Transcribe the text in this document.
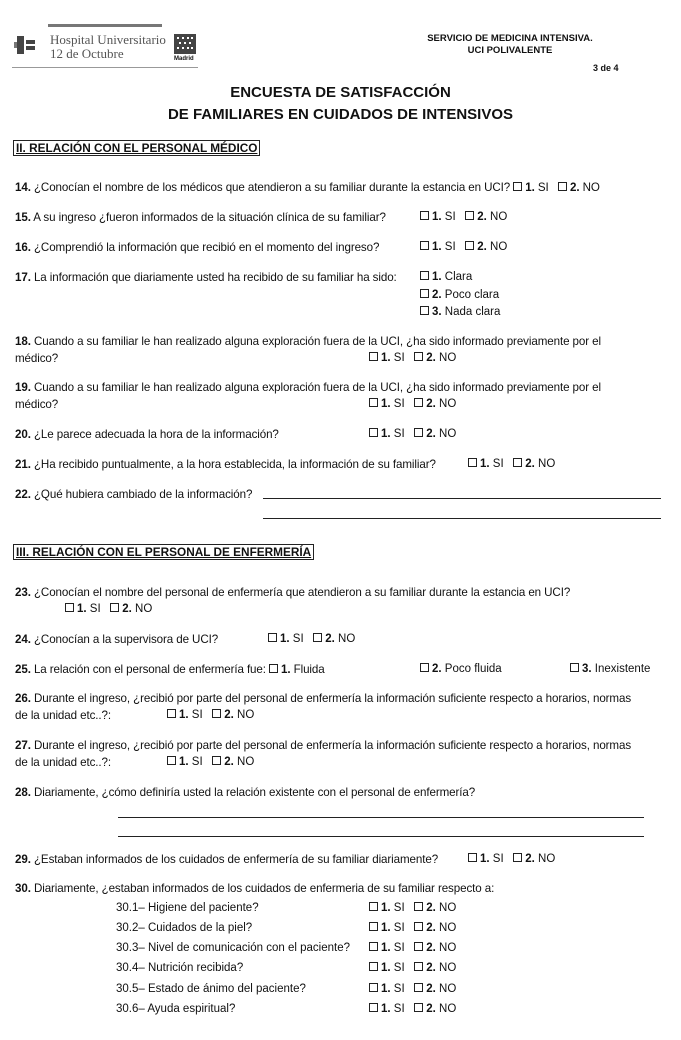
Hospital Universitario
12 de Octubre	Madrid
SERVICIO DE MEDICINA INTENSIVA.
UCI POLIVALENTE
3 de 4
ENCUESTA DE SATISFACCIÓN
DE FAMILIARES EN CUIDADOS DE INTENSIVOS
II. RELACIÓN CON EL PERSONAL MÉDICO
14. ¿Conocían el nombre de los médicos que atendieron a su familiar durante la estancia en UCI? 1. SI 2. NO
15. A su ingreso ¿fueron informados de la situación clínica de su familiar?	1. SI 2. NO
16. ¿Comprendió la información que recibió en el momento del ingreso?	1. SI 2. NO
17. La información que diariamente usted ha recibido de su familiar ha sido:	1. Clara
2. Poco clara
3. Nada clara
18. Cuando a su familiar le han realizado alguna exploración fuera de la UCI, ¿ha sido informado previamente por el
médico?	1. SI 2. NO
19. Cuando a su familiar le han realizado alguna exploración fuera de la UCI, ¿ha sido informado previamente por el
médico?	1. SI 2. NO
20. ¿Le parece adecuada la hora de la información?	1. SI 2. NO
21. ¿Ha recibido puntualmente, a la hora establecida, la información de su familiar?	1. SI 2. NO
22. ¿Qué hubiera cambiado de la información?
III. RELACIÓN CON EL PERSONAL DE ENFERMERÍA
23. ¿Conocían el nombre del personal de enfermería que atendieron a su familiar durante la estancia en UCI?
1. SI 2. NO
24. ¿Conocían a la supervisora de UCI?	1. SI 2. NO
25. La relación con el personal de enfermería fue: 1. Fluida	2. Poco fluida	3. Inexistente
26. Durante el ingreso, ¿recibió por parte del personal de enfermería la información suficiente respecto a horarios, normas
de la unidad etc..?:	1. SI 2. NO
27. Durante el ingreso, ¿recibió por parte del personal de enfermería la información suficiente respecto a horarios, normas
de la unidad etc..?:	1. SI 2. NO
28. Diariamente, ¿cómo definiría usted la relación existente con el personal de enfermería?
29. ¿Estaban informados de los cuidados de enfermería de su familiar diariamente?	1. SI 2. NO
30. Diariamente, ¿estaban informados de los cuidados de enfermeria de su familiar respecto a:
30.1– Higiene del paciente?	1. SI 2. NO
30.2– Cuidados de la piel?	1. SI 2. NO
30.3– Nivel de comunicación con el paciente?	1. SI 2. NO
30.4– Nutrición recibida?	1. SI 2. NO
30.5– Estado de ánimo del paciente?	1. SI 2. NO
30.6– Ayuda espiritual?	1. SI 2. NO
